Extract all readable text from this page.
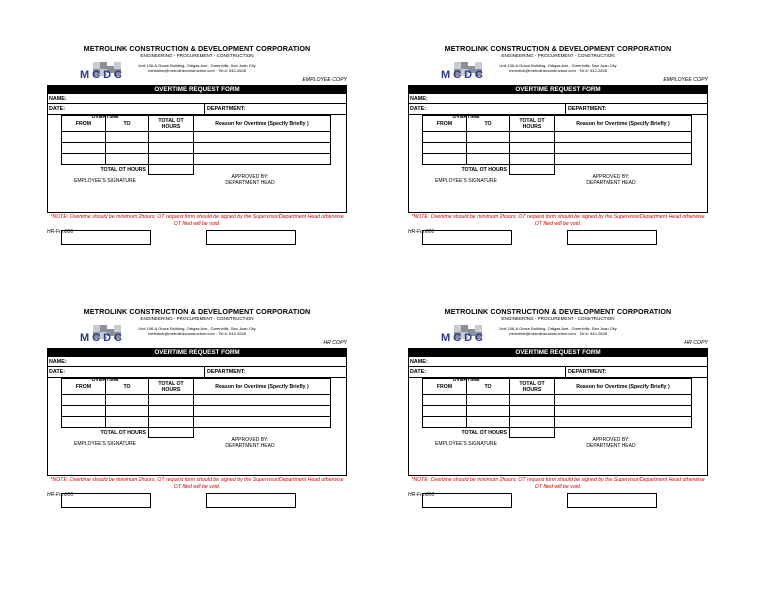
MCDC
METROLINK CONSTRUCTION & DEVELOPMENT CORPORATION
ENGINEERING - PROCUREMENT - CONSTRUCTION
Unit 106-A Grace Building, Ortigas Ave., Greenhills, San Juan City
metrolink@metrolinkconstruction.com · Tel #: 942-2628
EMPLOYEE COPY
OVERTIME REQUEST FORM
NAME:
DATE:	DEPARTMENT:
OVERTIME
FROM	TO	TOTAL OT HOURS	Reason for Overtime (Specify Briefly )

TOTAL OT HOURS			
EMPLOYEE'S SIGNATURE
APPROVED BY:
DEPARTMENT HEAD
*NOTE: Overtime should be minimum 2hours; OT request form should be signed by the Supervisor/Department Head otherwise OT filed will be void.
HR-Frm006
MCDC
METROLINK CONSTRUCTION & DEVELOPMENT CORPORATION
ENGINEERING - PROCUREMENT - CONSTRUCTION
Unit 106-A Grace Building, Ortigas Ave., Greenhills, San Juan City
metrolink@metrolinkconstruction.com · Tel #: 942-2628
EMPLOYEE COPY
OVERTIME REQUEST FORM
NAME:
DATE:	DEPARTMENT:
OVERTIME
FROM	TO	TOTAL OT HOURS	Reason for Overtime (Specify Briefly )

TOTAL OT HOURS			
EMPLOYEE'S SIGNATURE
APPROVED BY:
DEPARTMENT HEAD
*NOTE: Overtime should be minimum 2hours; OT request form should be signed by the Supervisor/Department Head otherwise OT filed will be void.
HR-Frm006
MCDC
METROLINK CONSTRUCTION & DEVELOPMENT CORPORATION
ENGINEERING - PROCUREMENT - CONSTRUCTION
Unit 106-A Grace Building, Ortigas Ave., Greenhills, San Juan City
metrolink@metrolinkconstruction.com · Tel #: 942-2628
HR COPY
OVERTIME REQUEST FORM
NAME:
DATE:	DEPARTMENT:
OVERTIME
FROM	TO	TOTAL OT HOURS	Reason for Overtime (Specify Briefly )

TOTAL OT HOURS			
EMPLOYEE'S SIGNATURE
APPROVED BY:
DEPARTMENT HEAD
*NOTE: Overtime should be minimum 2hours; OT request form should be signed by the Supervisor/Department Head otherwise OT filed will be void.
HR-Frm006
MCDC
METROLINK CONSTRUCTION & DEVELOPMENT CORPORATION
ENGINEERING - PROCUREMENT - CONSTRUCTION
Unit 106-A Grace Building, Ortigas Ave., Greenhills, San Juan City
metrolink@metrolinkconstruction.com · Tel #: 942-2628
HR COPY
OVERTIME REQUEST FORM
NAME:
DATE:	DEPARTMENT:
OVERTIME
FROM	TO	TOTAL OT HOURS	Reason for Overtime (Specify Briefly )

TOTAL OT HOURS			
EMPLOYEE'S SIGNATURE
APPROVED BY:
DEPARTMENT HEAD
*NOTE: Overtime should be minimum 2hours; OT request form should be signed by the Supervisor/Department Head otherwise OT filed will be void.
HR-Frm006
